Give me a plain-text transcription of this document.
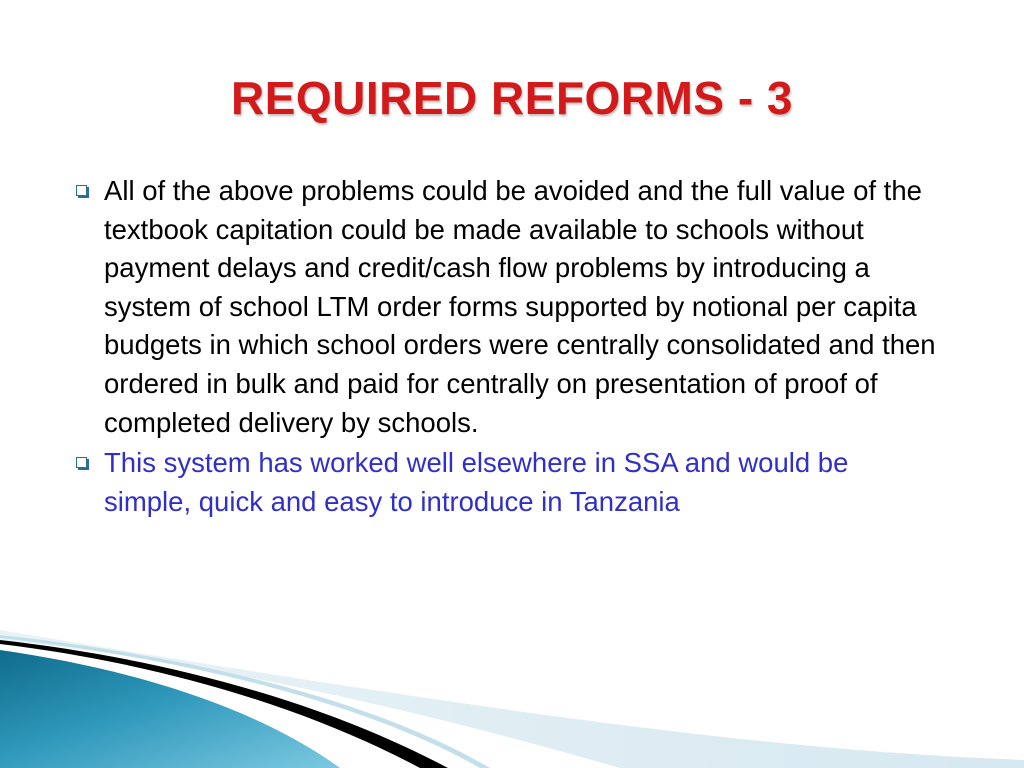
REQUIRED REFORMS - 3
All of the above problems could be avoided and the full value of the textbook capitation could be made available to schools without payment delays and credit/cash flow problems by introducing a system of school LTM order forms supported by notional per capita budgets in which school orders were centrally consolidated and then ordered in bulk and paid for centrally on presentation of proof of completed delivery by schools.
This system has worked well elsewhere in SSA and would be simple, quick and easy to introduce in Tanzania
